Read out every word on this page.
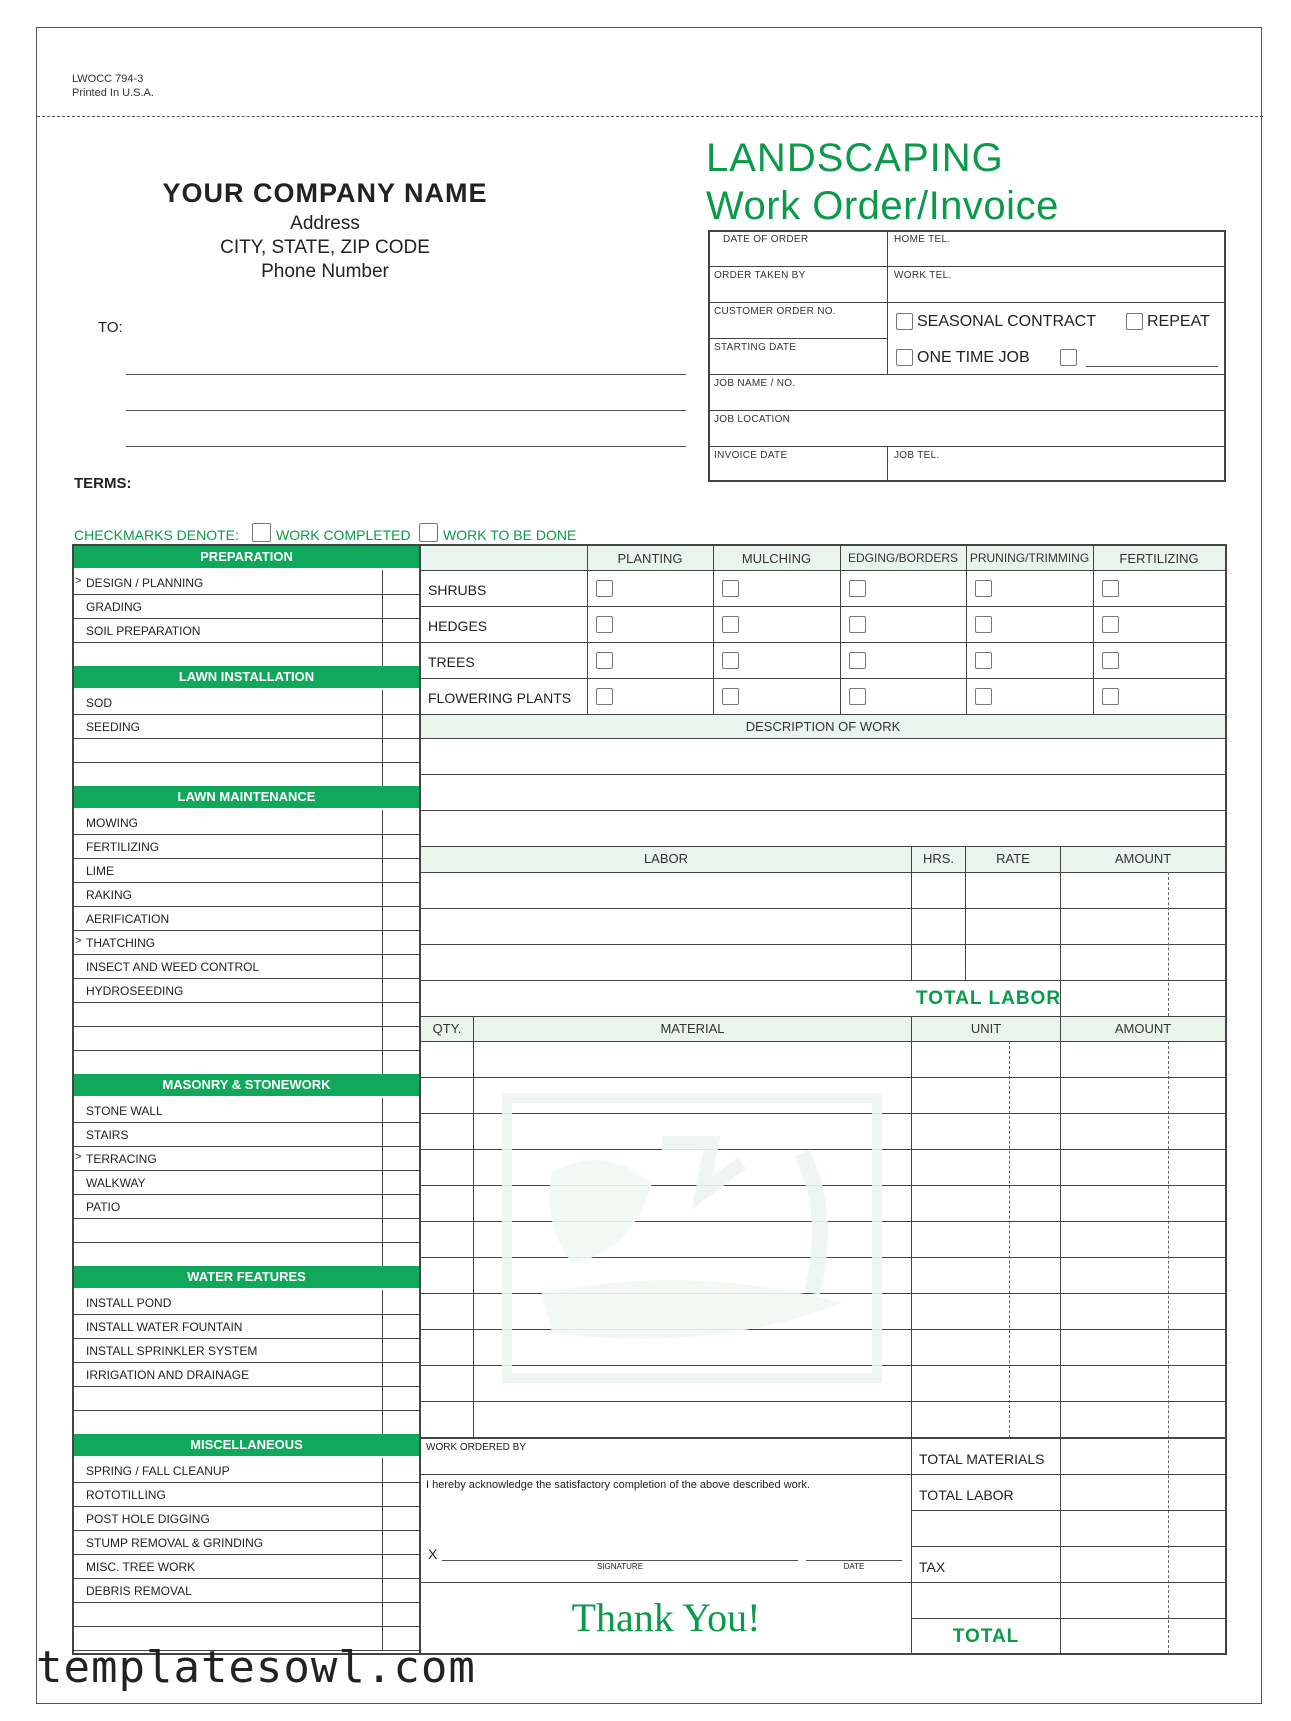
LWOCC 794-3
Printed In U.S.A.
YOUR COMPANY NAME
Address
CITY, STATE, ZIP CODE
Phone Number
TO:
TERMS:
LANDSCAPING
Work Order/Invoice
DATE OF ORDER	HOME TEL.
ORDER TAKEN BY	WORK TEL.
CUSTOMER ORDER NO.
STARTING DATE
JOB NAME / NO.
JOB LOCATION
INVOICE DATE	JOB TEL.
SEASONAL CONTRACT	REPEAT
ONE TIME JOB
CHECKMARKS DENOTE:	WORK COMPLETED WORK TO BE DONE
PREPARATION
DESIGN / PLANNING
>
GRADING
SOIL PREPARATION
LAWN INSTALLATION
SOD
SEEDING
LAWN MAINTENANCE
MOWING
FERTILIZING
LIME
RAKING
AERIFICATION
THATCHING
>
INSECT AND WEED CONTROL
HYDROSEEDING
MASONRY & STONEWORK
STONE WALL
STAIRS
TERRACING
>
WALKWAY
PATIO
WATER FEATURES
INSTALL POND
INSTALL WATER FOUNTAIN
INSTALL SPRINKLER SYSTEM
IRRIGATION AND DRAINAGE
MISCELLANEOUS
SPRING / FALL CLEANUP
ROTOTILLING
POST HOLE DIGGING
STUMP REMOVAL & GRINDING
MISC. TREE WORK
DEBRIS REMOVAL
PLANTING	MULCHING	EDGING/BORDERS PRUNING/TRIMMING	FERTILIZING
SHRUBS
HEDGES
TREES
FLOWERING PLANTS
DESCRIPTION OF WORK
LABOR	HRS.	RATE	AMOUNT
TOTAL LABOR
QTY.	MATERIAL	UNIT	AMOUNT
WORK ORDERED BY
I hereby acknowledge the satisfactory completion of the above described work.
X
SIGNATURE	DATE
Thank You!
TOTAL MATERIALS
TOTAL LABOR
TAX
TOTAL
templatesowl.com
